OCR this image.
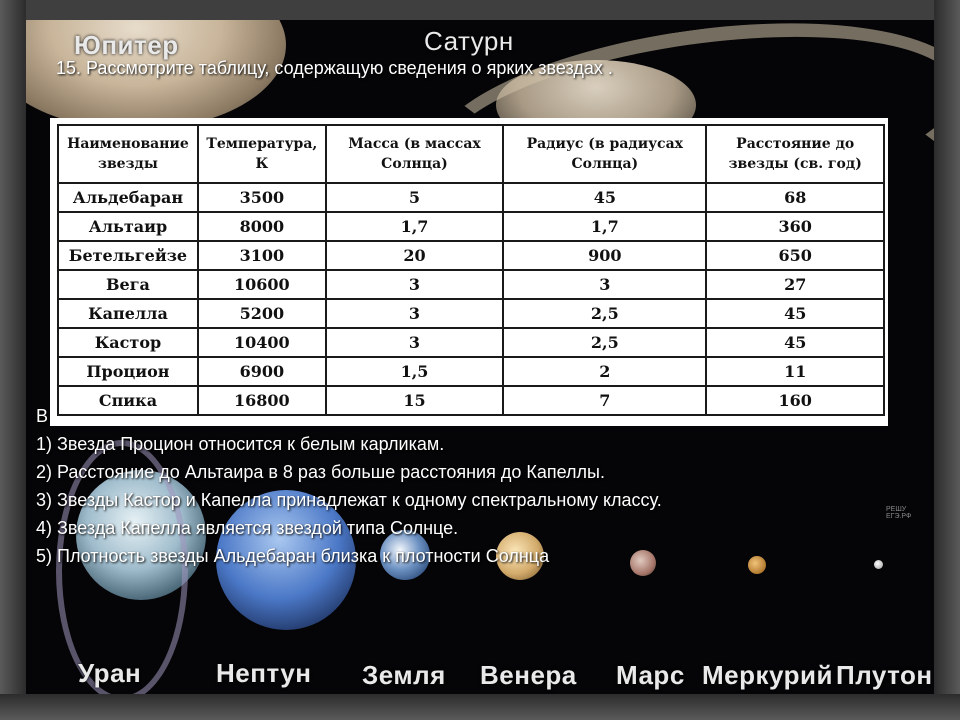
Юпитер	Сатурн
15. Рассмотрите таблицу, содержащую сведения о ярких звездах .
Уран	Нептун Земля Венера Марс Меркурий Плутон
В
1) Звезда Процион относится к белым карликам.
2) Расстояние до Альтаира в 8 раз больше расстояния до Капеллы.
3) Звезды Кастор и Капелла принадлежат к одному спектральному классу.
4) Звезда Капелла является звездой типа Солнце.
5) Плотность звезды Альдебаран близка к плотности Солнца
Наименование звезды	Температура, К	Масса (в массах Солнца)	Радиус (в радиусах Солнца)	Расстояние до звезды (св. год)
Альдебаран	3500	5	45	68
Альтаир	8000	1,7	1,7	360
Бетельгейзе	3100	20	900	650
Вега	10600	3	3	27
Капелла	5200	3	2,5	45
Кастор	10400	3	2,5	45
Процион	6900	1,5	2	11
Спика	16800	15	7	160
РЕШУ ЕГЭ.РФ
